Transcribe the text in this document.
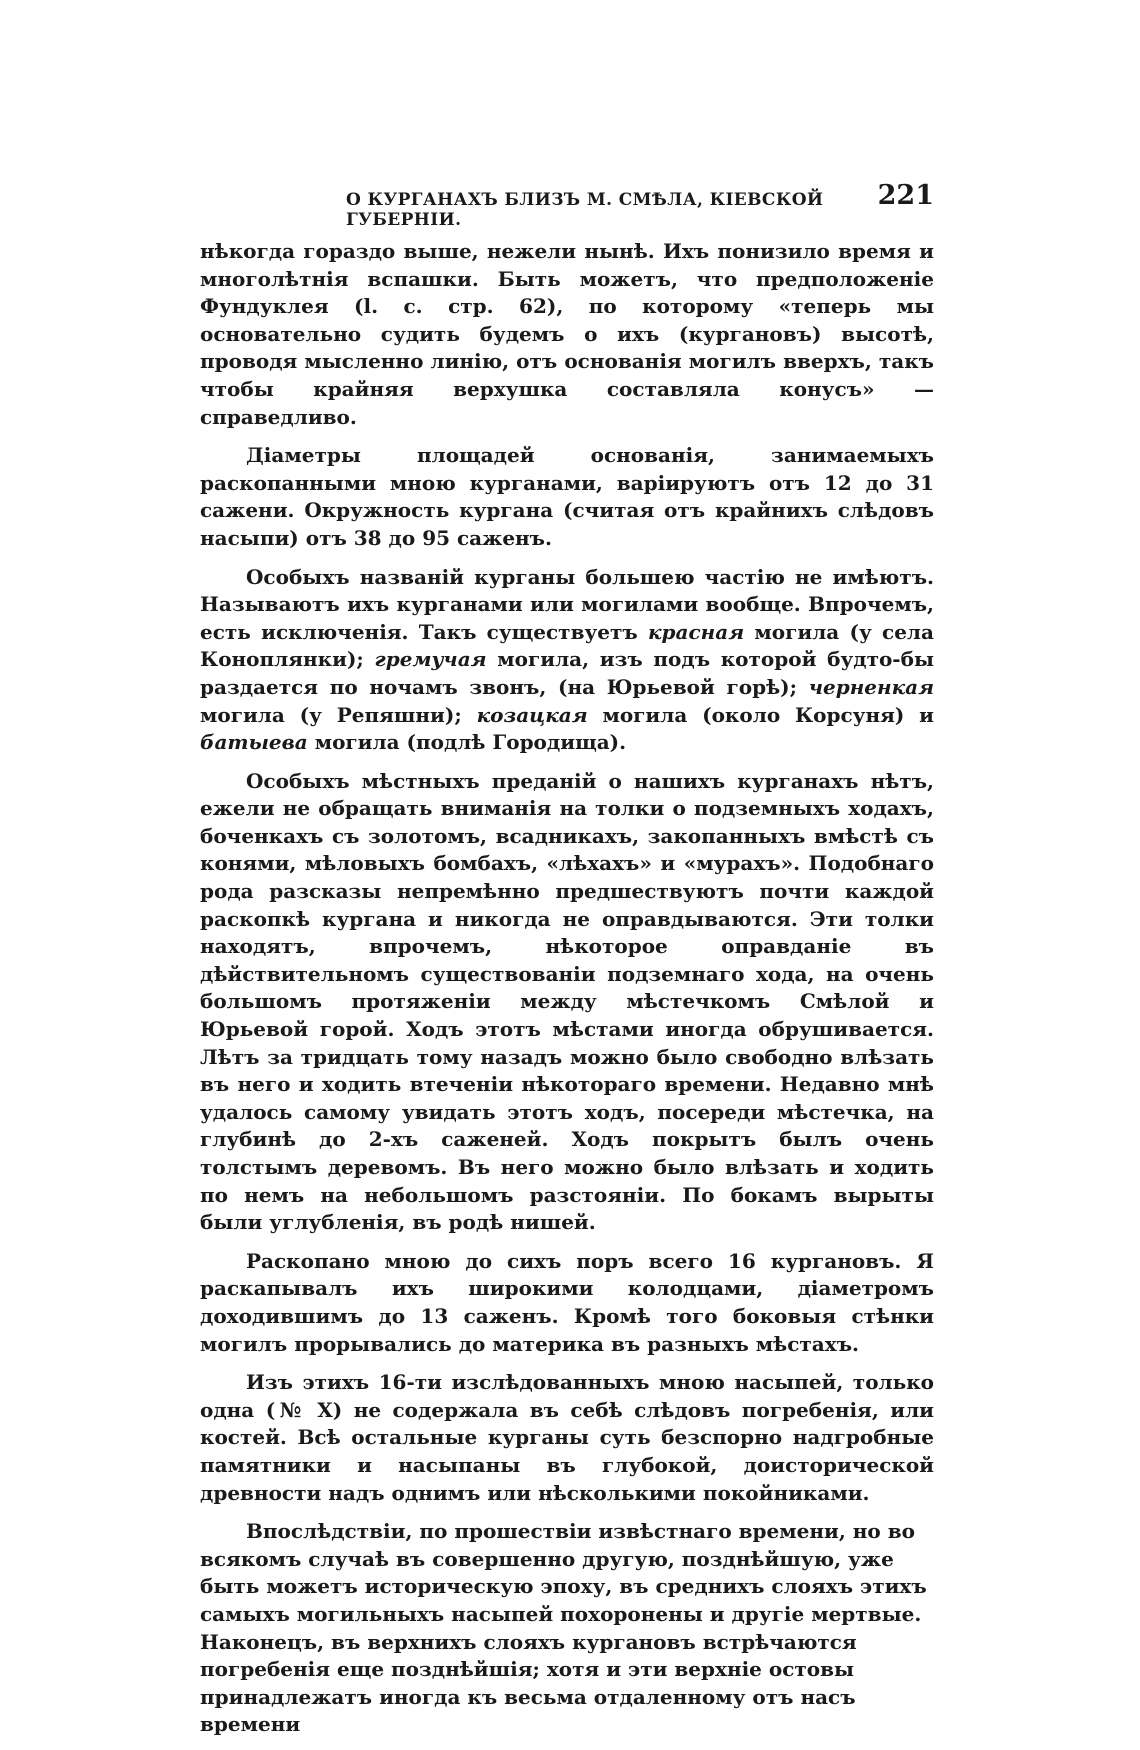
О КУРГАНАХЪ БЛИЗЪ М. СМѢЛА, КІЕВСКОЙ ГУБЕРНІИ.
221

нѣкогда гораздо выше, нежели нынѣ. Ихъ понизило время и многолѣтнія вспашки. Быть можетъ, что предположеніе Фундуклея (l. с. стр. 62), по которому «теперь мы основательно судить будемъ о ихъ (кургановъ) высотѣ, проводя мысленно линію, отъ основанія могилъ вверхъ, такъ чтобы крайняя верхушка составляла конусъ» — справедливо.

Діаметры площадей основанія, занимаемыхъ раскопанными мною курганами, варіируютъ отъ 12 до 31 сажени. Окружность кургана (считая отъ крайнихъ слѣдовъ насыпи) отъ 38 до 95 саженъ.

Особыхъ названій курганы большею частію не имѣютъ. Называютъ ихъ курганами или могилами вообще. Впрочемъ, есть исключенія. Такъ существуетъ красная могила (у села Коноплянки); гремучая могила, изъ подъ которой будто-бы раздается по ночамъ звонъ, (на Юрьевой горѣ); черненкая могила (у Репяшни); козацкая могила (около Корсуня) и батыева могила (подлѣ Городища).

Особыхъ мѣстныхъ преданій о нашихъ курганахъ нѣтъ, ежели не обращать вниманія на толки о подземныхъ ходахъ, боченкахъ съ золотомъ, всадникахъ, закопанныхъ вмѣстѣ съ конями, мѣловыхъ бомбахъ, «лѣхахъ» и «мурахъ». Подобнаго рода разсказы непремѣнно предшествуютъ почти каждой раскопкѣ кургана и никогда не оправдываются. Эти толки находятъ, впрочемъ, нѣкоторое оправданіе въ дѣйствительномъ существованіи подземнаго хода, на очень большомъ протяженіи между мѣстечкомъ Смѣлой и Юрьевой горой. Ходъ этотъ мѣстами иногда обрушивается. Лѣтъ за тридцать тому назадъ можно было свободно влѣзать въ него и ходить втеченіи нѣкотораго времени. Недавно мнѣ удалось самому увидать этотъ ходъ, посереди мѣстечка, на глубинѣ до 2-хъ саженей. Ходъ покрытъ былъ очень толстымъ деревомъ. Въ него можно было влѣзать и ходить по немъ на небольшомъ разстояніи. По бокамъ вырыты были углубленія, въ родѣ нишей.

Раскопано мною до сихъ поръ всего 16 кургановъ. Я раскапывалъ ихъ широкими колодцами, діаметромъ доходившимъ до 13 саженъ. Кромѣ того боковыя стѣнки могилъ прорывались до материка въ разныхъ мѣстахъ.

Изъ этихъ 16-ти изслѣдованныхъ мною насыпей, только одна (№ X) не содержала въ себѣ слѣдовъ погребенія, или костей. Всѣ остальные курганы суть безспорно надгробные памятники и насыпаны въ глубокой, доисторической древности надъ однимъ или нѣсколькими покойниками.

Впослѣдствіи, по прошествіи извѣстнаго времени, но во всякомъ случаѣ въ совершенно другую, позднѣйшую, уже быть можетъ историческую эпоху, въ среднихъ слояхъ этихъ самыхъ могильныхъ насыпей похоронены и другіе мертвые. Наконецъ, въ верхнихъ слояхъ кургановъ встрѣчаются погребенія еще позднѣйшія; хотя и эти верхніе остовы принадлежатъ иногда къ весьма отдаленному отъ насъ времени
